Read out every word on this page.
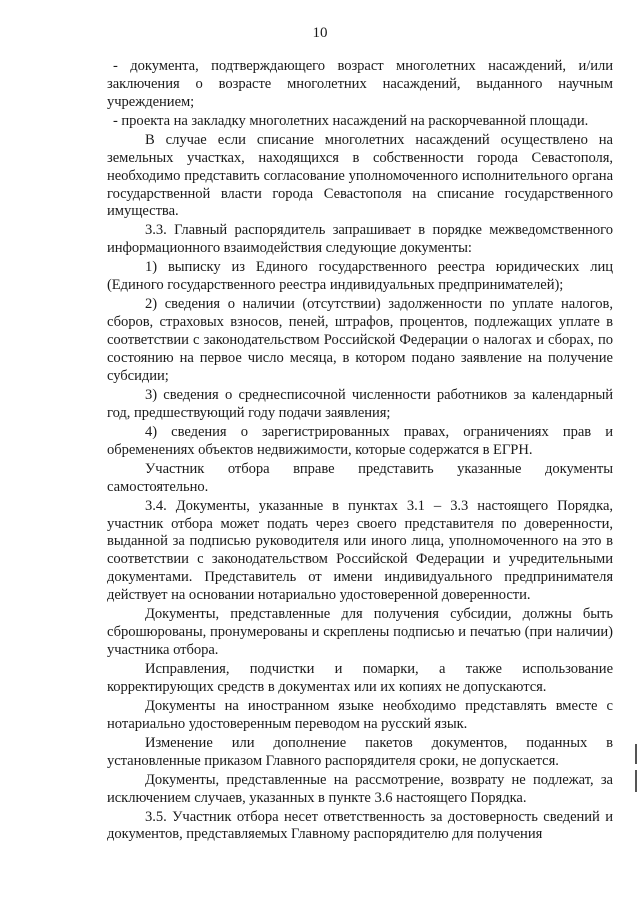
10

- документа, подтверждающего возраст многолетних насаждений, и/или заключения о возрасте многолетних насаждений, выданного научным учреждением;

- проекта на закладку многолетних насаждений на раскорчеванной площади.

В случае если списание многолетних насаждений осуществлено на земельных участках, находящихся в собственности города Севастополя, необходимо представить согласование уполномоченного исполнительного органа государственной власти города Севастополя на списание государственного имущества.

3.3. Главный распорядитель запрашивает в порядке межведомственного информационного взаимодействия следующие документы:

1) выписку из Единого государственного реестра юридических лиц (Единого государственного реестра индивидуальных предпринимателей);

2) сведения о наличии (отсутствии) задолженности по уплате налогов, сборов, страховых взносов, пеней, штрафов, процентов, подлежащих уплате в соответствии с законодательством Российской Федерации о налогах и сборах, по состоянию на первое число месяца, в котором подано заявление на получение субсидии;

3) сведения о среднесписочной численности работников за календарный год, предшествующий году подачи заявления;

4) сведения о зарегистрированных правах, ограничениях прав и обременениях объектов недвижимости, которые содержатся в ЕГРН.

Участник отбора вправе представить указанные документы самостоятельно.

3.4. Документы, указанные в пунктах 3.1 – 3.3 настоящего Порядка, участник отбора может подать через своего представителя по доверенности, выданной за подписью руководителя или иного лица, уполномоченного на это в соответствии с законодательством Российской Федерации и учредительными документами. Представитель от имени индивидуального предпринимателя действует на основании нотариально удостоверенной доверенности.

Документы, представленные для получения субсидии, должны быть сброшюрованы, пронумерованы и скреплены подписью и печатью (при наличии) участника отбора.

Исправления, подчистки и помарки, а также использование корректирующих средств в документах или их копиях не допускаются.

Документы на иностранном языке необходимо представлять вместе с нотариально удостоверенным переводом на русский язык.

Изменение или дополнение пакетов документов, поданных в установленные приказом Главного распорядителя сроки, не допускается.

Документы, представленные на рассмотрение, возврату не подлежат, за исключением случаев, указанных в пункте 3.6 настоящего Порядка.

3.5. Участник отбора несет ответственность за достоверность сведений и документов, представляемых Главному распорядителю для получения
